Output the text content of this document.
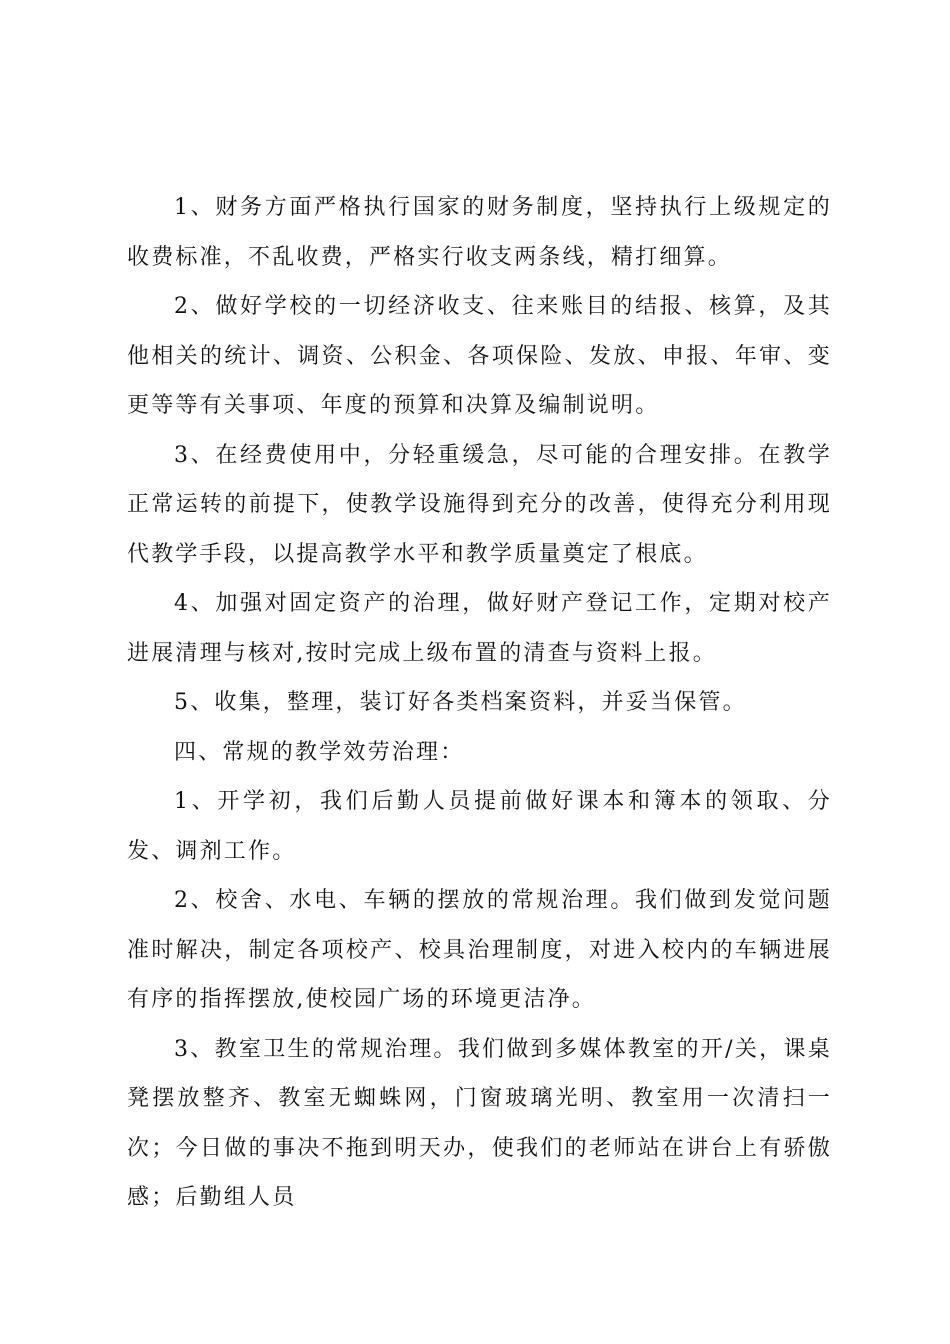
1、财务方面严格执行国家的财务制度，坚持执行上级规定的收费标准，不乱收费，严格实行收支两条线，精打细算。

2、做好学校的一切经济收支、往来账目的结报、核算，及其他相关的统计、调资、公积金、各项保险、发放、申报、年审、变更等等有关事项、年度的预算和决算及编制说明。

3、在经费使用中，分轻重缓急，尽可能的合理安排。在教学正常运转的前提下，使教学设施得到充分的改善，使得充分利用现代教学手段，以提高教学水平和教学质量奠定了根底。

4、加强对固定资产的治理，做好财产登记工作，定期对校产进展清理与核对,按时完成上级布置的清查与资料上报。

5、收集，整理，装订好各类档案资料，并妥当保管。

四、常规的教学效劳治理：

1、开学初，我们后勤人员提前做好课本和簿本的领取、分发、调剂工作。

2、校舍、水电、车辆的摆放的常规治理。我们做到发觉问题准时解决，制定各项校产、校具治理制度，对进入校内的车辆进展有序的指挥摆放,使校园广场的环境更洁净。

3、教室卫生的常规治理。我们做到多媒体教室的开/关，课桌凳摆放整齐、教室无蜘蛛网，门窗玻璃光明、教室用一次清扫一次；今日做的事决不拖到明天办，使我们的老师站在讲台上有骄傲感；后勤组人员
